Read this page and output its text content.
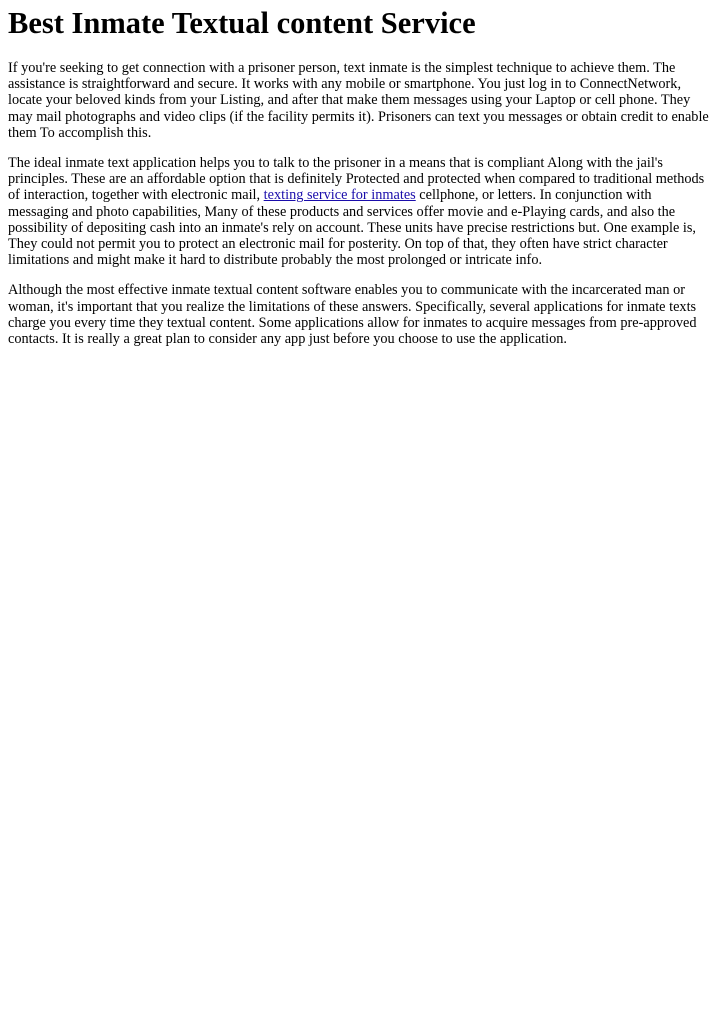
Best Inmate Textual content Service

If you're seeking to get connection with a prisoner person, text inmate is the simplest technique to achieve them. The assistance is straightforward and secure. It works with any mobile or smartphone. You just log in to ConnectNetwork, locate your beloved kinds from your Listing, and after that make them messages using your Laptop or cell phone. They may mail photographs and video clips (if the facility permits it). Prisoners can text you messages or obtain credit to enable them To accomplish this.

The ideal inmate text application helps you to talk to the prisoner in a means that is compliant Along with the jail's principles. These are an affordable option that is definitely Protected and protected when compared to traditional methods of interaction, together with electronic mail, texting service for inmates cellphone, or letters. In conjunction with messaging and photo capabilities, Many of these products and services offer movie and e-Playing cards, and also the possibility of depositing cash into an inmate's rely on account. These units have precise restrictions but. One example is, They could not permit you to protect an electronic mail for posterity. On top of that, they often have strict character limitations and might make it hard to distribute probably the most prolonged or intricate info.

Although the most effective inmate textual content software enables you to communicate with the incarcerated man or woman, it's important that you realize the limitations of these answers. Specifically, several applications for inmate texts charge you every time they textual content. Some applications allow for inmates to acquire messages from pre-approved contacts. It is really a great plan to consider any app just before you choose to use the application.
